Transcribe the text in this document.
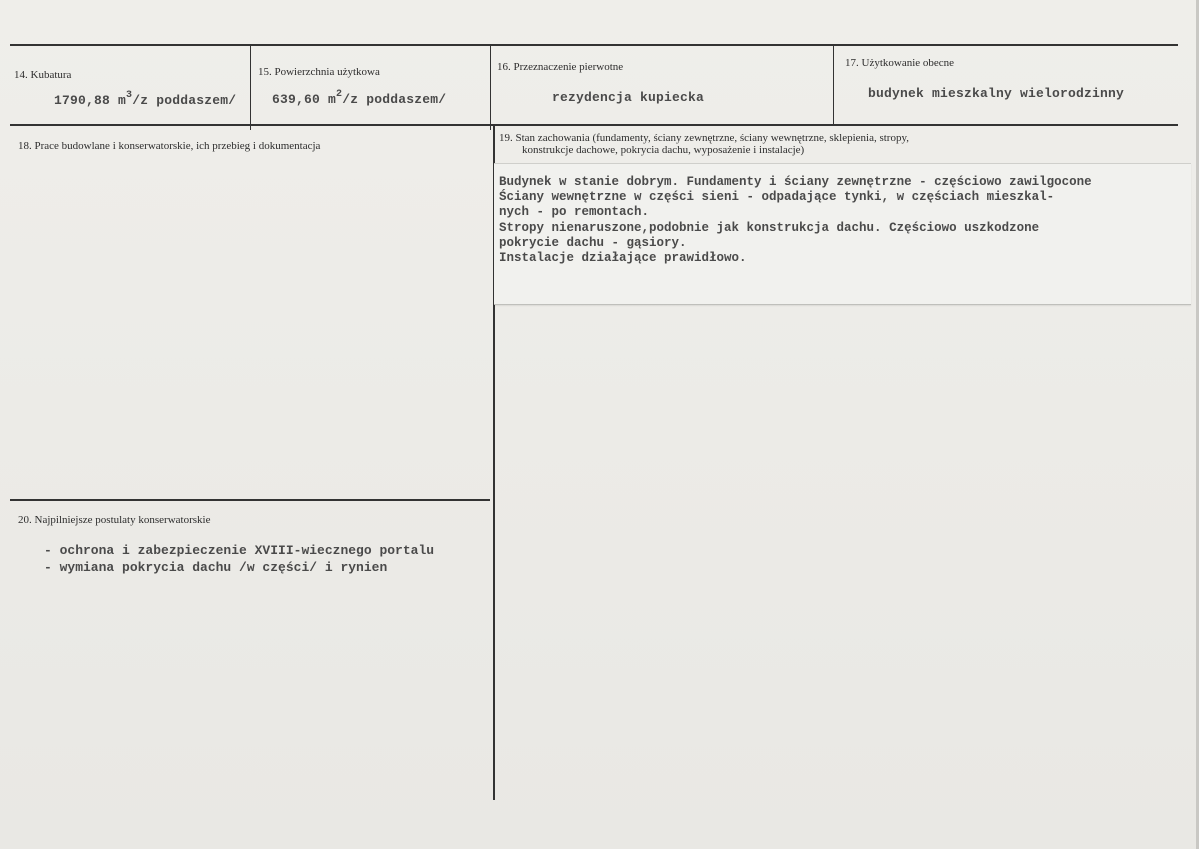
14. Kubatura
1790,88 $m^3/z$ poddaszem/
15. Powierzchnia użytkowa
639,60 $m^2/z$ poddaszem/
16. Przeznaczenie pierwotne
rezydencja kupiecka
17. Użytkowanie obecne
budynek mieszkalny wielorodzinny
18. Prace budowlane i konserwatorskie, ich przebieg i dokumentacja
19. Stan zachowania (fundamenty, ściany zewnętrzne, ściany wewnętrzne, sklepienia, stropy,
konstrukcje dachowe, pokrycia dachu, wyposażenie i instalacje)
Budynek w stanie dobrym. Fundamenty i ściany zewnętrzne - częściowo zawilgocone
Ściany wewnętrzne w części sieni - odpadające tynki, w częściach mieszkal-
nych - po remontach.
Stropy nienaruszone,podobnie jak konstrukcja dachu. Częściowo uszkodzone
pokrycie dachu - gąsiory.
Instalacje działające prawidłowo.
20. Najpilniejsze postulaty konserwatorskie
- ochrona i zabezpieczenie XVIII-wiecznego portalu
- wymiana pokrycia dachu /w części/ i rynien
